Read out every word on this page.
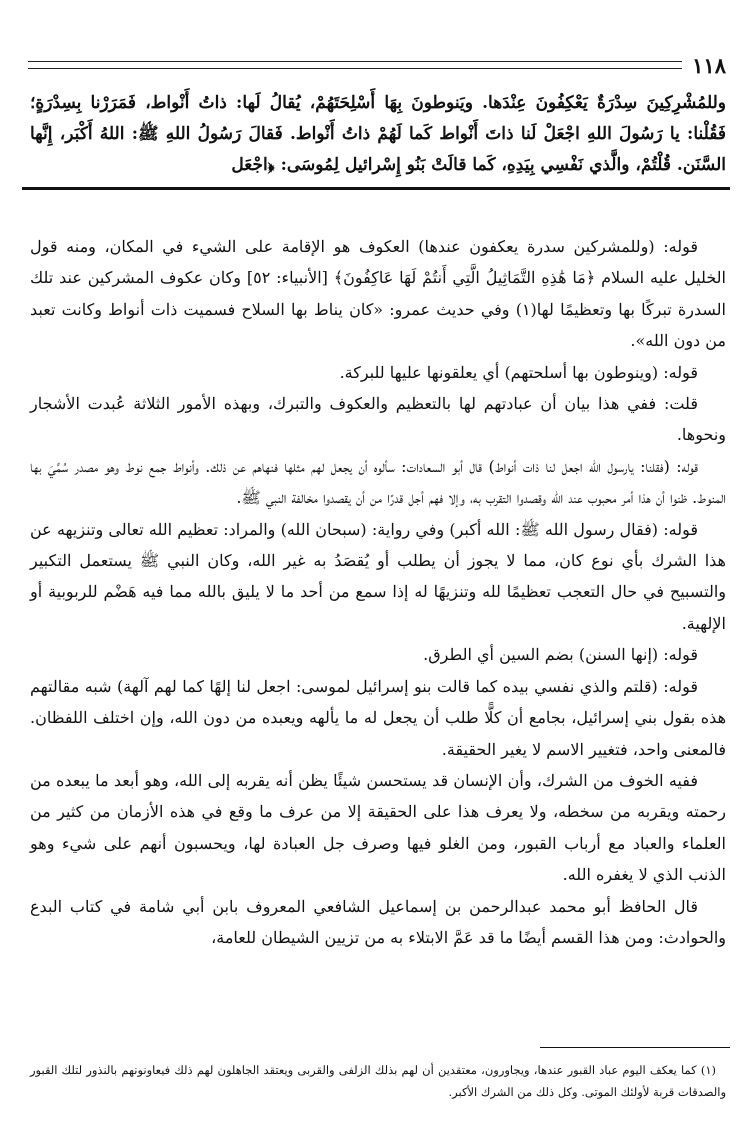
١١٨

وللمُشْرِكِينَ سِدْرَةٌ يَعْكِفُونَ عِنْدَها. ويَنوطونَ بِهَا أَسْلِحَتَهُمْ، يُقالُ لَها: ذاتُ أَنْواط، فَمَرَرْنا بِسِدْرَةٍ؛ فَقُلْنا: يا رَسُولَ اللهِ اجْعَلْ لَنا ذاتَ أَنْواط كَما لَهُمْ ذاتُ أَنْواط. فَقالَ رَسُولُ اللهِ ﷺ: اللهُ أَكْبَر، إِنَّها السَّنَن. قُلْتُمْ، والَّذي نَفْسِي بِيَدِهِ، كَما قالَتْ بَنُو إِسْرائيل لِمُوسَى: ﴿اجْعَل

قوله: (وللمشركين سدرة يعكفون عندها) العكوف هو الإقامة على الشيء في المكان، ومنه قول الخليل عليه السلام ﴿مَا هَٰذِهِ التَّمَاثِيلُ الَّتِي أَنتُمْ لَهَا عَاكِفُونَ﴾ [الأنبياء: ٥٢] وكان عكوف المشركين عند تلك السدرة تبركًا بها وتعظيمًا لها(١) وفي حديث عمرو: «كان يناط بها السلاح فسميت ذات أنواط وكانت تعبد من دون الله».

قوله: (وينوطون بها أسلحتهم) أي يعلقونها عليها للبركة.

قلت: ففي هذا بيان أن عبادتهم لها بالتعظيم والعكوف والتبرك، وبهذه الأمور الثلاثة عُبدت الأشجار ونحوها.

قوله: (فقلنا: يارسول الله اجعل لنا ذات أنواط) قال أبو السعادات: سألوه أن يجعل لهم مثلها فنهاهم عن ذلك. وأنواط جمع نوط وهو مصدر سُمِّيَ بها المنوط. ظنوا أن هذا أمر محبوب عند الله وقصدوا التقرب به، وإلا فهم أجل قدرًا من أن يقصدوا مخالفة النبي ﷺ.

قوله: (فقال رسول الله ﷺ: الله أكبر) وفي رواية: (سبحان الله) والمراد: تعظيم الله تعالى وتنزيهه عن هذا الشرك بأي نوع كان، مما لا يجوز أن يطلب أو يُقصَدُ به غير الله، وكان النبي ﷺ يستعمل التكبير والتسبيح في حال التعجب تعظيمًا لله وتنزيهًا له إذا سمع من أحد ما لا يليق بالله مما فيه هَضْم للربوبية أو الإلهية.

قوله: (إنها السنن) بضم السين أي الطرق.

قوله: (قلتم والذي نفسي بيده كما قالت بنو إسرائيل لموسى: اجعل لنا إلهًا كما لهم آلهة) شبه مقالتهم هذه بقول بني إسرائيل، بجامع أن كلًّا طلب أن يجعل له ما يألهه ويعبده من دون الله، وإن اختلف اللفظان. فالمعنى واحد، فتغيير الاسم لا يغير الحقيقة.

ففيه الخوف من الشرك، وأن الإنسان قد يستحسن شيئًا يظن أنه يقربه إلى الله، وهو أبعد ما يبعده من رحمته ويقربه من سخطه، ولا يعرف هذا على الحقيقة إلا من عرف ما وقع في هذه الأزمان من كثير من العلماء والعباد مع أرباب القبور، ومن الغلو فيها وصرف جل العبادة لها، ويحسبون أنهم على شيء وهو الذنب الذي لا يغفره الله.

قال الحافظ أبو محمد عبدالرحمن بن إسماعيل الشافعي المعروف بابن أبي شامة في كتاب البدع والحوادث: ومن هذا القسم أيضًا ما قد عَمَّ الابتلاء به من تزيين الشيطان للعامة،

(١) كما يعكف اليوم عباد القبور عندها، ويجاورون، معتقدين أن لهم بذلك الزلفى والقربى ويعتقد الجاهلون لهم ذلك فيعاونونهم بالنذور لتلك القبور والصدقات قربة لأولئك الموتى. وكل ذلك من الشرك الأكبر.
